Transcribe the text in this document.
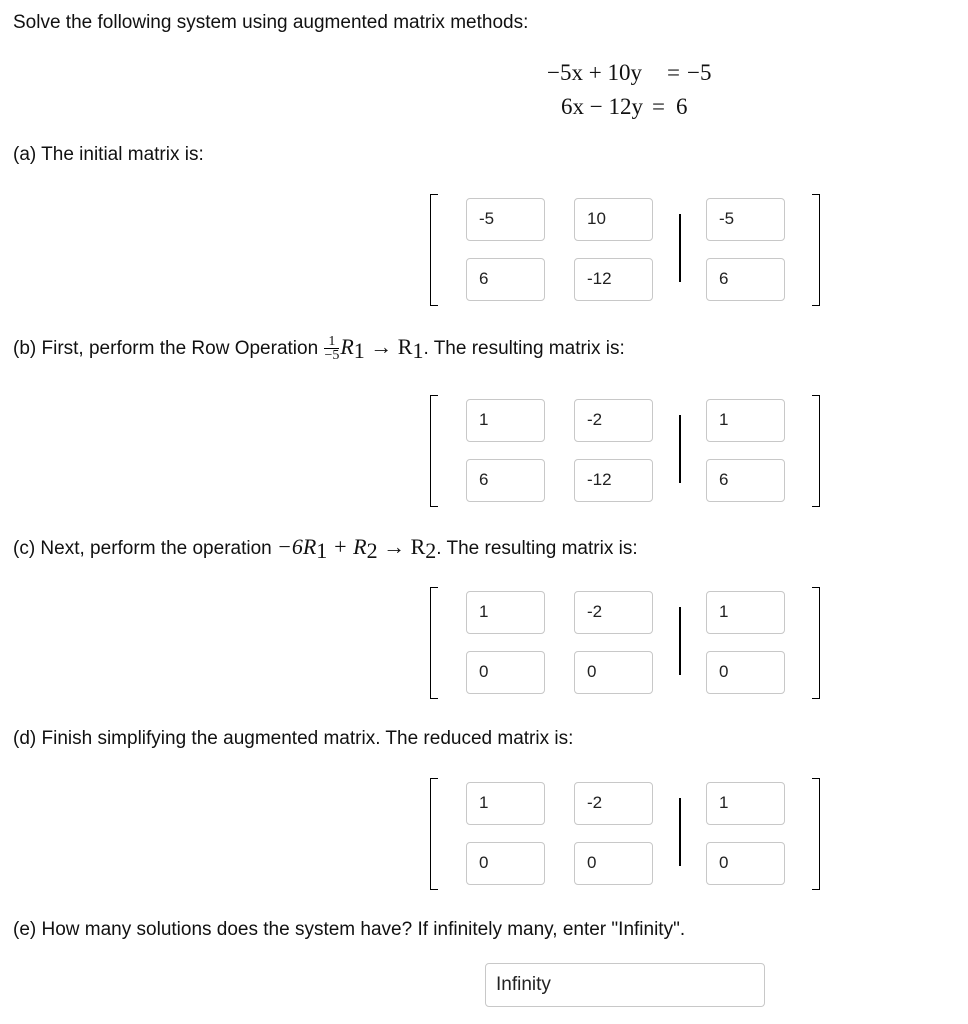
Solve the following system using augmented matrix methods:
−5x + 10y = −5
6x − 12y = 6
(a) The initial matrix is:
-5	10	-5
6	-12	6
(b) First, perform the Row Operation $\frac{1}{-5} R_1 \to R_1$. The resulting matrix is:
1	-2	1
6	-12	6
(c) Next, perform the operation $-6R_1 + R_2 \to R_2$. The resulting matrix is:
1	-2	1
0	0	0
(d) Finish simplifying the augmented matrix. The reduced matrix is:
1	-2	1
0	0	0
(e) How many solutions does the system have? If infinitely many, enter "Infinity".
Infinity
